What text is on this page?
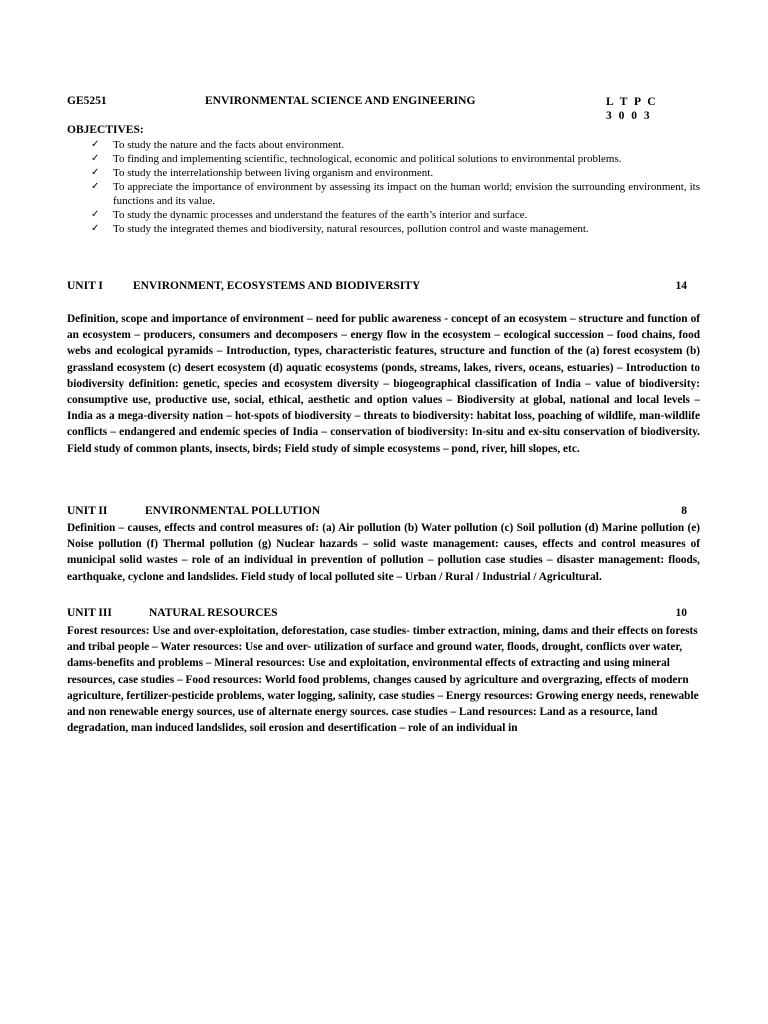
GE5251	ENVIRONMENTAL SCIENCE AND ENGINEERING	L T P C
3 0 0 3
OBJECTIVES:
✓ To study the nature and the facts about environment.
✓ To finding and implementing scientific, technological, economic and political solutions to environmental problems.
✓ To study the interrelationship between living organism and environment.
✓ To appreciate the importance of environment by assessing its impact on the human world; envision the surrounding environment, its functions and its value.
✓ To study the dynamic processes and understand the features of the earth’s interior and surface.
✓ To study the integrated themes and biodiversity, natural resources, pollution control and waste management.
UNIT I	ENVIRONMENT, ECOSYSTEMS AND BIODIVERSITY	14

Definition, scope and importance of environment – need for public awareness - concept of an ecosystem – structure and function of an ecosystem – producers, consumers and decomposers – energy flow in the ecosystem – ecological succession – food chains, food webs and ecological pyramids – Introduction, types, characteristic features, structure and function of the (a) forest ecosystem (b) grassland ecosystem (c) desert ecosystem (d) aquatic ecosystems (ponds, streams, lakes, rivers, oceans, estuaries) – Introduction to biodiversity definition: genetic, species and ecosystem diversity – biogeographical classification of India – value of biodiversity: consumptive use, productive use, social, ethical, aesthetic and option values – Biodiversity at global, national and local levels – India as a mega-diversity nation – hot-spots of biodiversity – threats to biodiversity: habitat loss, poaching of wildlife, man-wildlife conflicts – endangered and endemic species of India – conservation of biodiversity: In-situ and ex-situ conservation of biodiversity. Field study of common plants, insects, birds; Field study of simple ecosystems – pond, river, hill slopes, etc.

UNIT II	ENVIRONMENTAL POLLUTION	8

Definition – causes, effects and control measures of: (a) Air pollution (b) Water pollution (c) Soil pollution (d) Marine pollution (e) Noise pollution (f) Thermal pollution (g) Nuclear hazards – solid waste management: causes, effects and control measures of municipal solid wastes – role of an individual in prevention of pollution – pollution case studies – disaster management: floods, earthquake, cyclone and landslides. Field study of local polluted site – Urban / Rural / Industrial / Agricultural.

UNIT III	NATURAL RESOURCES	10

Forest resources: Use and over-exploitation, deforestation, case studies- timber extraction, mining, dams and their effects on forests and tribal people – Water resources: Use and over- utilization of surface and ground water, floods, drought, conflicts over water, dams-benefits and problems – Mineral resources: Use and exploitation, environmental effects of extracting and using mineral resources, case studies – Food resources: World food problems, changes caused by agriculture and overgrazing, effects of modern agriculture, fertilizer-pesticide problems, water logging, salinity, case studies – Energy resources: Growing energy needs, renewable and non renewable energy sources, use of alternate energy sources. case studies – Land resources: Land as a resource, land degradation, man induced landslides, soil erosion and desertification – role of an individual in
